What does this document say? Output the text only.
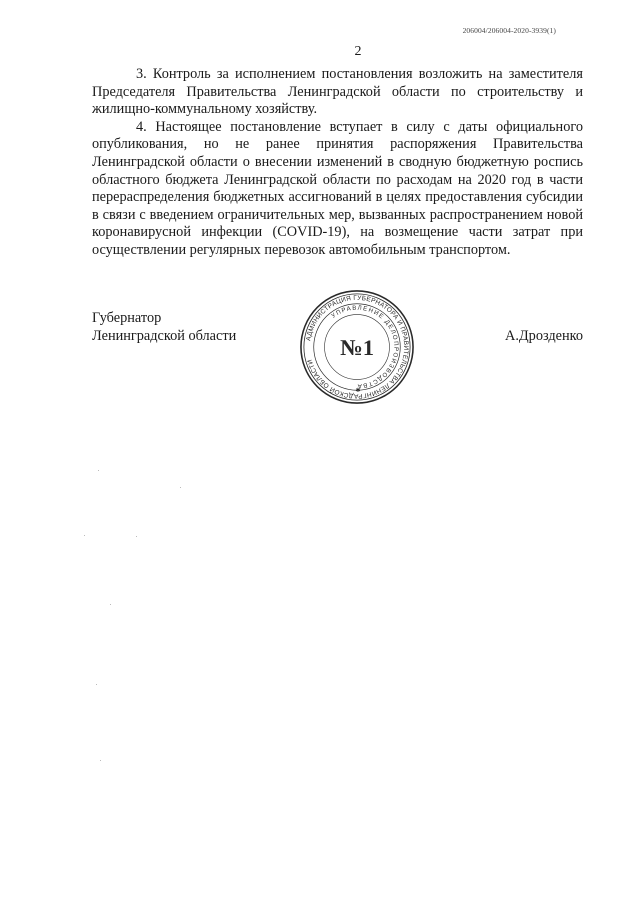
206004/206004-2020-3939(1)
2

3. Контроль за исполнением постановления возложить на заместителя Председателя Правительства Ленинградской области по строительству и жилищно-коммунальному хозяйству.

4. Настоящее постановление вступает в силу с даты официального опубликования, но не ранее принятия распоряжения Правительства Ленинградской области о внесении изменений в сводную бюджетную роспись областного бюджета Ленинградской области по расходам на 2020 год в части перераспределения бюджетных ассигнований в целях предоставления субсидии в связи с введением ограничительных мер, вызванных распространением новой коронавирусной инфекции (COVID-19), на возмещение части затрат при осуществлении регулярных перевозок автомобильным транспортом.

Губернатор
Ленинградской области	А.Дрозденко
АДМИНИСТРАЦИЯ ГУБЕРНАТОРА И ПРАВИТЕЛЬСТВА ЛЕНИНГРАДСКОЙ ОБЛАСТИ
УПРАВЛЕНИЕ ДЕЛОПРОИЗВОДСТВА
№1
✱
